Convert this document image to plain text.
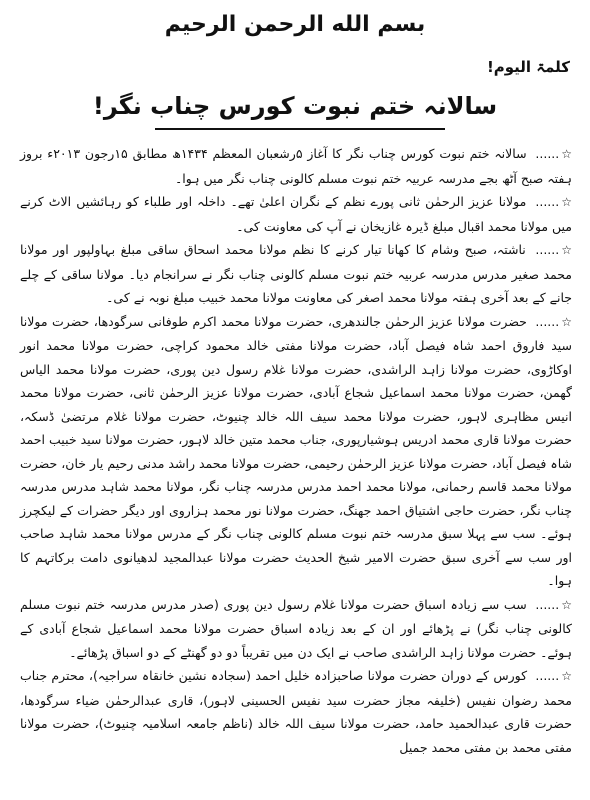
بسم الله الرحمن الرحيم
کلمۃ الیوم!
سالانہ ختم نبوت کورس چناب نگر!

☆...... سالانہ ختم نبوت کورس چناب نگر کا آغاز ۵رشعبان المعظم ۱۴۳۴ھ مطابق ۱۵رجون ۲۰۱۳ء بروز ہفتہ صبح آٹھ بجے مدرسہ عربیہ ختم نبوت مسلم کالونی چناب نگر میں ہوا۔

☆...... مولانا عزیز الرحمٰن ثانی پورے نظم کے نگران اعلیٰ تھے۔ داخلہ اور طلباء کو رہائشیں الاٹ کرنے میں مولانا محمد اقبال مبلغ ڈیرہ غازیخان نے آپ کی معاونت کی۔

☆...... ناشتہ، صبح وشام کا کھانا تیار کرنے کا نظم مولانا محمد اسحاق ساقی مبلغ بہاولپور اور مولانا محمد صغیر مدرس مدرسہ عربیہ ختم نبوت مسلم کالونی چناب نگر نے سرانجام دیا۔ مولانا ساقی کے چلے جانے کے بعد آخری ہفتہ مولانا محمد اصغر کی معاونت مولانا محمد خبیب مبلغ نوبہ نے کی۔

☆...... حضرت مولانا عزیز الرحمٰن جالندھری، حضرت مولانا محمد اکرم طوفانی سرگودھا، حضرت مولانا سید فاروق احمد شاہ فیصل آباد، حضرت مولانا مفتی خالد محمود کراچی، حضرت مولانا محمد انور اوکاڑوی، حضرت مولانا زاہد الراشدی، حضرت مولانا غلام رسول دین پوری، حضرت مولانا محمد الیاس گھمن، حضرت مولانا محمد اسماعیل شجاع آبادی، حضرت مولانا عزیز الرحمٰن ثانی، حضرت مولانا محمد انیس مظاہری لاہور، حضرت مولانا محمد سیف اللہ خالد چنیوٹ، حضرت مولانا غلام مرتضیٰ ڈسکہ، حضرت مولانا قاری محمد ادریس ہوشیارپوری، جناب محمد متین خالد لاہور، حضرت مولانا سید خبیب احمد شاہ فیصل آباد، حضرت مولانا عزیز الرحمٰن رحیمی، حضرت مولانا محمد راشد مدنی رحیم یار خان، حضرت مولانا محمد قاسم رحمانی، مولانا محمد احمد مدرس مدرسہ چناب نگر، مولانا محمد شاہد مدرس مدرسہ چناب نگر، حضرت حاجی اشتیاق احمد جھنگ، حضرت مولانا نور محمد ہزاروی اور دیگر حضرات کے لیکچرز ہوئے۔ سب سے پہلا سبق مدرسہ ختم نبوت مسلم کالونی چناب نگر کے مدرس مولانا محمد شاہد صاحب اور سب سے آخری سبق حضرت الامیر شیخ الحدیث حضرت مولانا عبدالمجید لدھیانوی دامت برکاتہم کا ہوا۔

☆...... سب سے زیادہ اسباق حضرت مولانا غلام رسول دین پوری (صدر مدرس مدرسہ ختم نبوت مسلم کالونی چناب نگر) نے پڑھائے اور ان کے بعد زیادہ اسباق حضرت مولانا محمد اسماعیل شجاع آبادی کے ہوئے۔ حضرت مولانا زاہد الراشدی صاحب نے ایک دن میں تقریباً دو دو گھنٹے کے دو اسباق پڑھائے۔

☆...... کورس کے دوران حضرت مولانا صاحبزادہ خلیل احمد (سجادہ نشین خانقاہ سراجیہ)، محترم جناب محمد رضوان نفیس (خلیفہ مجاز حضرت سید نفیس الحسینی لاہور)، قاری عبدالرحمٰن ضیاء سرگودھا، حضرت قاری عبدالحمید حامد، حضرت مولانا سیف اللہ خالد (ناظم جامعہ اسلامیہ چنیوٹ)، حضرت مولانا مفتی محمد بن مفتی محمد جمیل
